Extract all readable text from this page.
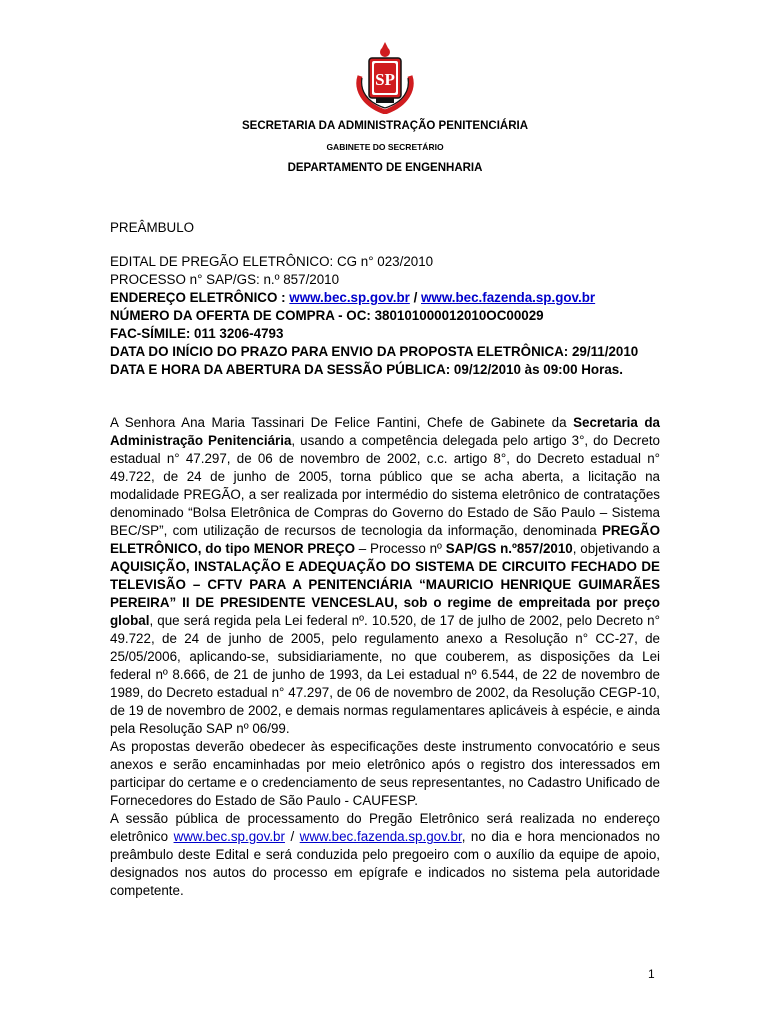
SP
SECRETARIA DA ADMINISTRAÇÃO PENITENCIÁRIA
GABINETE DO SECRETÁRIO
DEPARTAMENTO DE ENGENHARIA
PREÂMBULO
EDITAL DE PREGÃO ELETRÔNICO: CG n° 023/2010
PROCESSO n° SAP/GS: n.º 857/2010
ENDEREÇO ELETRÔNICO : www.bec.sp.gov.br / www.bec.fazenda.sp.gov.br
NÚMERO DA OFERTA DE COMPRA - OC: 380101000012010OC00029
FAC-SÍMILE: 011 3206-4793
DATA DO INÍCIO DO PRAZO PARA ENVIO DA PROPOSTA ELETRÔNICA: 29/11/2010
DATA E HORA DA ABERTURA DA SESSÃO PÚBLICA: 09/12/2010 às 09:00 Horas.

A Senhora Ana Maria Tassinari De Felice Fantini, Chefe de Gabinete da Secretaria da Administração Penitenciária, usando a competência delegada pelo artigo 3°, do Decreto estadual n° 47.297, de 06 de novembro de 2002, c.c. artigo 8°, do Decreto estadual n° 49.722, de 24 de junho de 2005, torna público que se acha aberta, a licitação na modalidade PREGÃO, a ser realizada por intermédio do sistema eletrônico de contratações denominado “Bolsa Eletrônica de Compras do Governo do Estado de São Paulo – Sistema BEC/SP”, com utilização de recursos de tecnologia da informação, denominada PREGÃO ELETRÔNICO, do tipo MENOR PREÇO – Processo nº SAP/GS n.º857/2010, objetivando a AQUISIÇÃO, INSTALAÇÃO E ADEQUAÇÃO DO SISTEMA DE CIRCUITO FECHADO DE TELEVISÃO – CFTV PARA A PENITENCIÁRIA “MAURICIO HENRIQUE GUIMARÃES PEREIRA” II DE PRESIDENTE VENCESLAU, sob o regime de empreitada por preço global, que será regida pela Lei federal nº. 10.520, de 17 de julho de 2002, pelo Decreto n° 49.722, de 24 de junho de 2005, pelo regulamento anexo a Resolução n° CC-27, de 25/05/2006, aplicando-se, subsidiariamente, no que couberem, as disposições da Lei federal nº 8.666, de 21 de junho de 1993, da Lei estadual nº 6.544, de 22 de novembro de 1989, do Decreto estadual n° 47.297, de 06 de novembro de 2002, da Resolução CEGP-10, de 19 de novembro de 2002, e demais normas regulamentares aplicáveis à espécie, e ainda pela Resolução SAP nº 06/99.

As propostas deverão obedecer às especificações deste instrumento convocatório e seus anexos e serão encaminhadas por meio eletrônico após o registro dos interessados em participar do certame e o credenciamento de seus representantes, no Cadastro Unificado de Fornecedores do Estado de São Paulo - CAUFESP.

A sessão pública de processamento do Pregão Eletrônico será realizada no endereço eletrônico www.bec.sp.gov.br / www.bec.fazenda.sp.gov.br, no dia e hora mencionados no preâmbulo deste Edital e será conduzida pelo pregoeiro com o auxílio da equipe de apoio, designados nos autos do processo em epígrafe e indicados no sistema pela autoridade competente.

1
